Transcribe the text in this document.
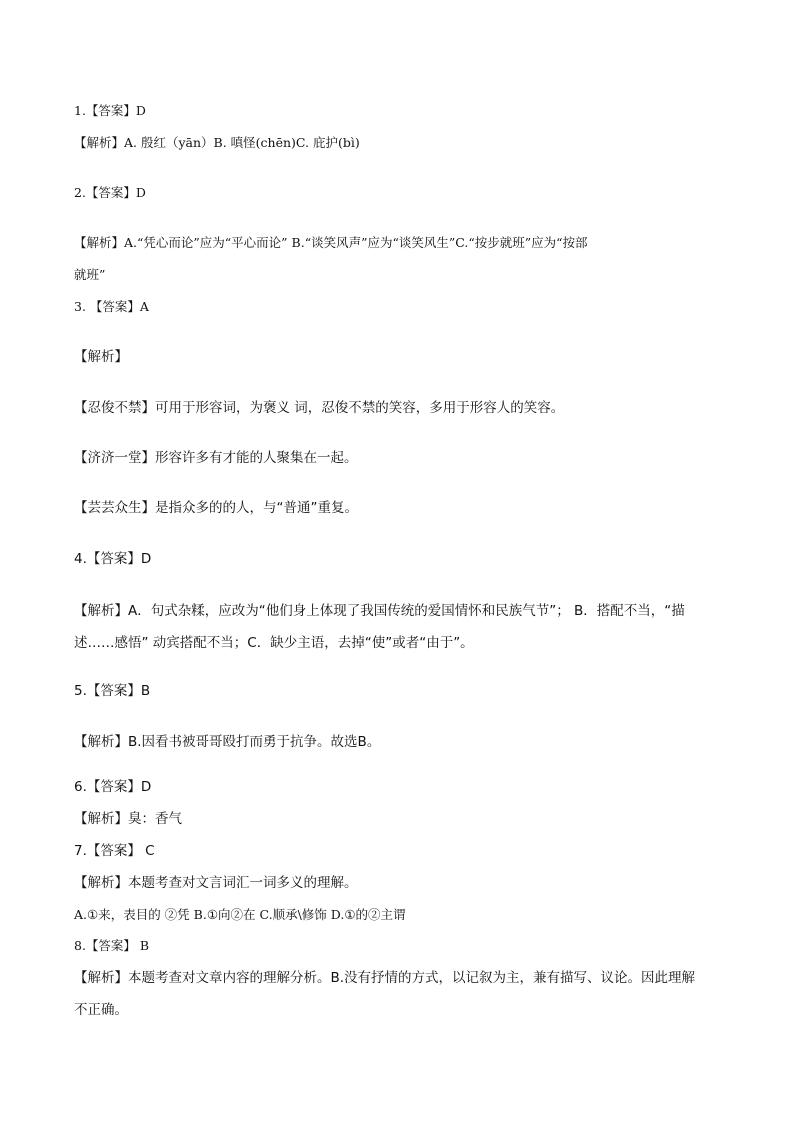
1.【答案】D
【解析】A. 殷红（yān）B. 嗔怪(chēn)C. 庇护(bì)
2.【答案】D
【解析】A.“凭心而论”应为“平心而论” B.“谈笑风声”应为“谈笑风生”C.“按步就班”应为“按部
就班”
3. 【答案】A
【解析】
【忍俊不禁】可用于形容词，为褒义 词，忍俊不禁的笑容，多用于形容人的笑容。
【济济一堂】形容许多有才能的人聚集在一起。
【芸芸众生】是指众多的的人，与“普通”重复。
4.【答案】D
【解析】A．句式杂糅，应改为“他们身上体现了我国传统的爱国情怀和民族气节”； B．搭配不当，“描
述……感悟” 动宾搭配不当；C．缺少主语，去掉“使”或者“由于”。
5.【答案】B
【解析】B.因看书被哥哥殴打而勇于抗争。故选B。
6.【答案】D
【解析】臭：香气
7.【答案】 C
【解析】本题考查对文言词汇一词多义的理解。
A.①来，表目的 ②凭 B.①向②在 C.顺承\修饰 D.①的②主谓
8.【答案】 B
【解析】本题考查对文章内容的理解分析。B.没有抒情的方式，以记叙为主，兼有描写、议论。因此理解
不正确。
